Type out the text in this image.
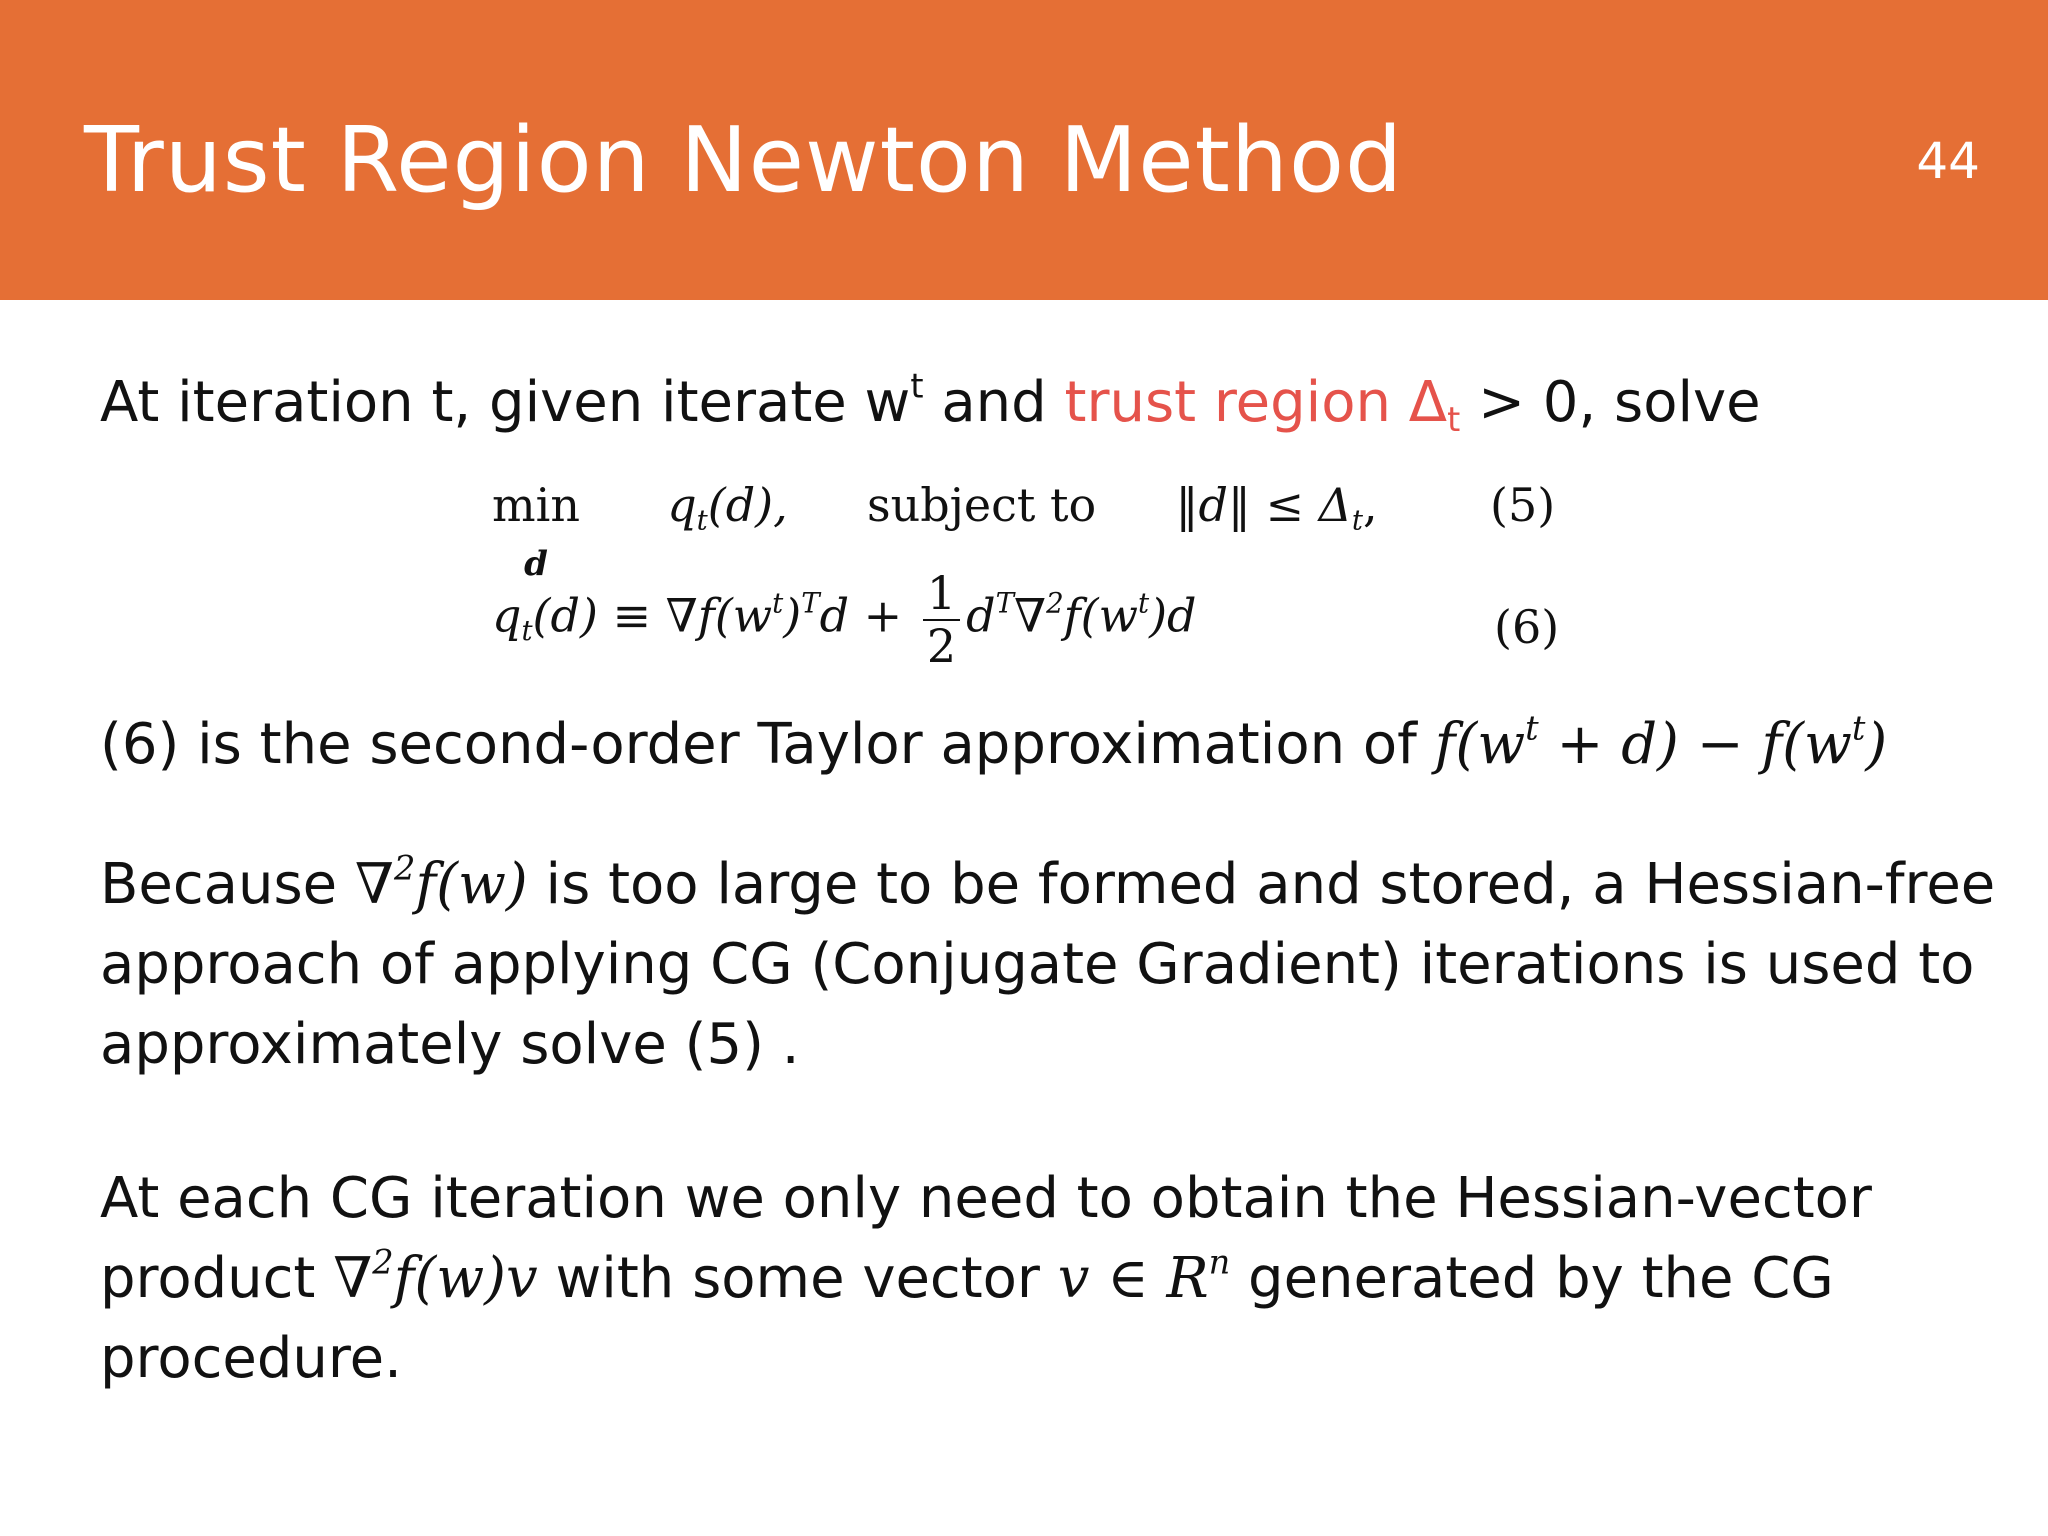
Trust Region Newton Method	44
At iteration t, given iterate $w^t$ and trust region $\Delta_t > 0$, solve
min
d  $q_t(d)$, subject to ‖d‖ ≤ $\Delta_t$, (5)
$q_t(d) \equiv \nabla f(w^t)^Td + \frac{1}{2} d^T\nabla^2f(w^t)d$	(6)
(6) is the second-order Taylor approximation of $f(w^t + d) - f(w^t)$
Because ∇$^2$f(w) is too large to be formed and stored, a Hessian-free
approach of applying CG (Conjugate Gradient) iterations is used to
approximately solve (5) .
At each CG iteration we only need to obtain the Hessian-vector
product ∇$^2$f(w)v with some vector v ∈ $R^n$ generated by the CG
procedure.
